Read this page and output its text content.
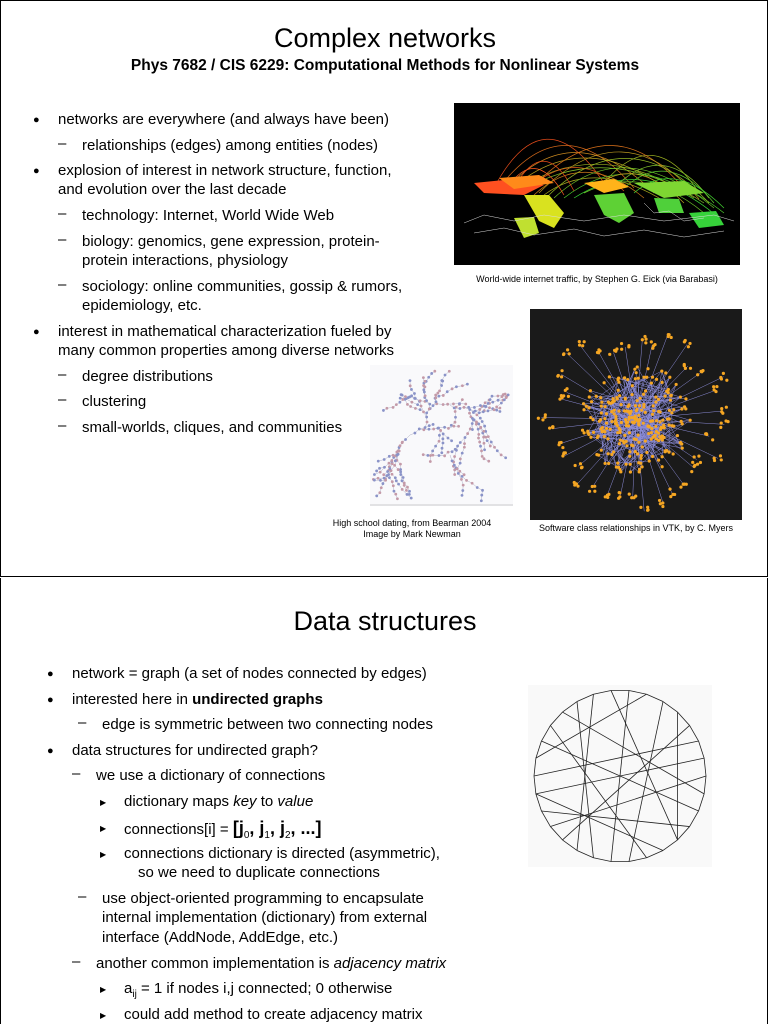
Complex networks
Phys 7682 / CIS 6229: Computational Methods for Nonlinear Systems
● networks are everywhere (and always have been)
– relationships (edges) among entities (nodes)
● explosion of interest in network structure, function,
and evolution over the last decade
– technology: Internet, World Wide Web
– biology: genomics, gene expression, protein-
protein interactions, physiology
– sociology: online communities, gossip & rumors,
epidemiology, etc.
● interest in mathematical characterization fueled by
many common properties among diverse networks
– degree distributions
– clustering
– small-worlds, cliques, and communities
World-wide internet traffic, by Stephen G. Eick (via Barabasi)
Software class relationships in VTK, by C. Myers
High school dating, from Bearman 2004
Image by Mark Newman
Data structures
● network = graph (a set of nodes connected by edges)
● interested here in undirected graphs
– edge is symmetric between two connecting nodes
● data structures for undirected graph?
– we use a dictionary of connections
▶ dictionary maps key to value
▶ connections[i] = [$j_0$, $j_1$, $j_2$, ...]
▶ connections dictionary is directed (asymmetric),
so we need to duplicate connections
– use object-oriented programming to encapsulate
internal implementation (dictionary) from external
interface (AddNode, AddEdge, etc.)
– another common implementation is adjacency matrix
▶ $a_{ij} = 1$ if nodes i,j connected; 0 otherwise
▶ could add method to create adjacency matrix
